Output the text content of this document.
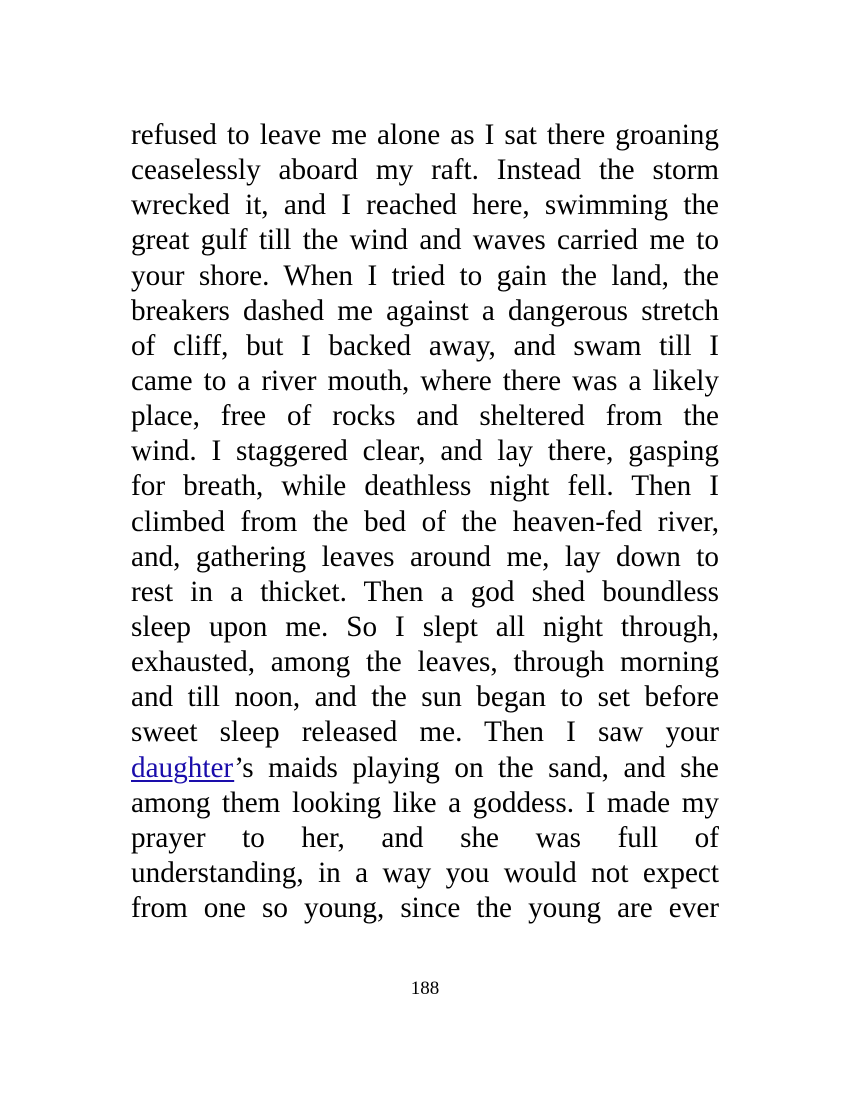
refused to leave me alone as I sat there groaning
ceaselessly aboard my raft. Instead the storm
wrecked it, and I reached here, swimming the
great gulf till the wind and waves carried me to
your shore. When I tried to gain the land, the
breakers dashed me against a dangerous stretch
of cliff, but I backed away, and swam till I
came to a river mouth, where there was a likely
place, free of rocks and sheltered from the
wind. I staggered clear, and lay there, gasping
for breath, while deathless night fell. Then I
climbed from the bed of the heaven-fed river,
and, gathering leaves around me, lay down to
rest in a thicket. Then a god shed boundless
sleep upon me. So I slept all night through,
exhausted, among the leaves, through morning
and till noon, and the sun began to set before
sweet sleep released me. Then I saw your
daughter’s maids playing on the sand, and she
among them looking like a goddess. I made my
prayer to her, and she was full of
understanding, in a way you would not expect
from one so young, since the young are ever
188
